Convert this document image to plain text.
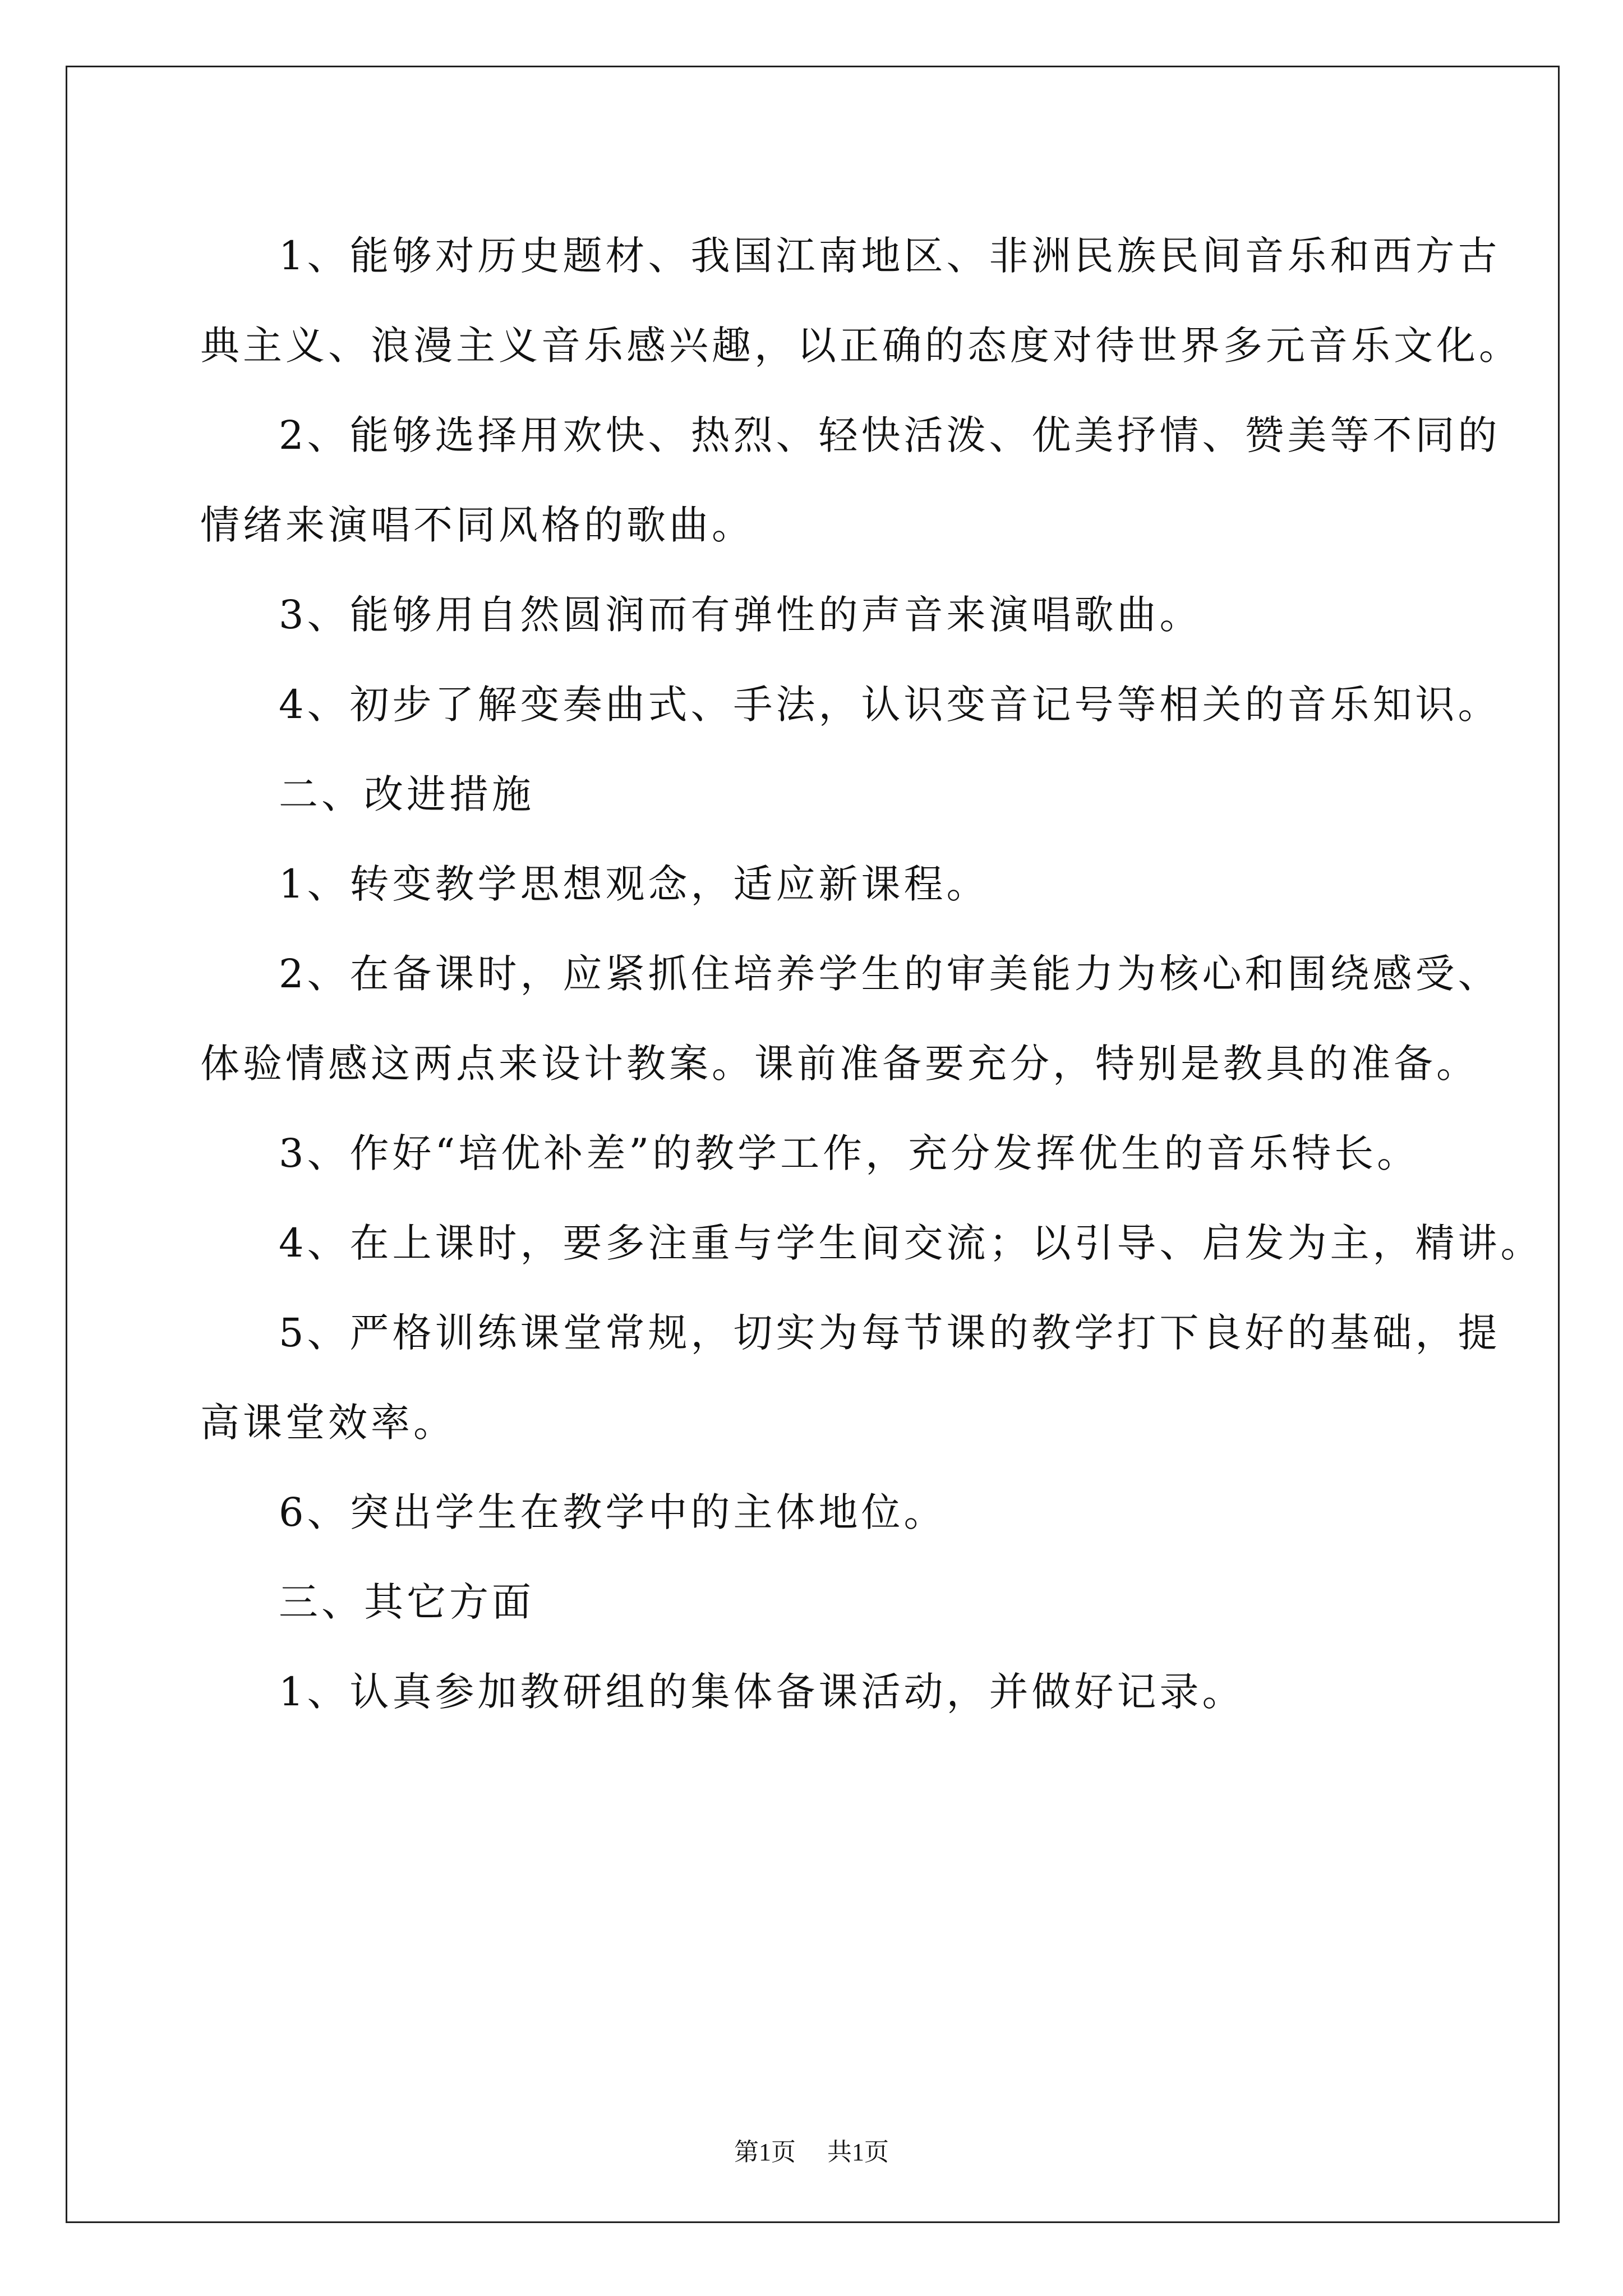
1、能够对历史题材、我国江南地区、非洲民族民间音乐和西方古

典主义、浪漫主义音乐感兴趣，以正确的态度对待世界多元音乐文化。

2、能够选择用欢快、热烈、轻快活泼、优美抒情、赞美等不同的

情绪来演唱不同风格的歌曲。

3、能够用自然圆润而有弹性的声音来演唱歌曲。

4、初步了解变奏曲式、手法，认识变音记号等相关的音乐知识。

二、改进措施

1、转变教学思想观念，适应新课程。

2、在备课时，应紧抓住培养学生的审美能力为核心和围绕感受、

体验情感这两点来设计教案。课前准备要充分，特别是教具的准备。

3、作好“培优补差”的教学工作，充分发挥优生的音乐特长。

4、在上课时，要多注重与学生间交流；以引导、启发为主，精讲。

5、严格训练课堂常规，切实为每节课的教学打下良好的基础，提

高课堂效率。

6、突出学生在教学中的主体地位。

三、其它方面

1、认真参加教研组的集体备课活动，并做好记录。

第1页 共1页
